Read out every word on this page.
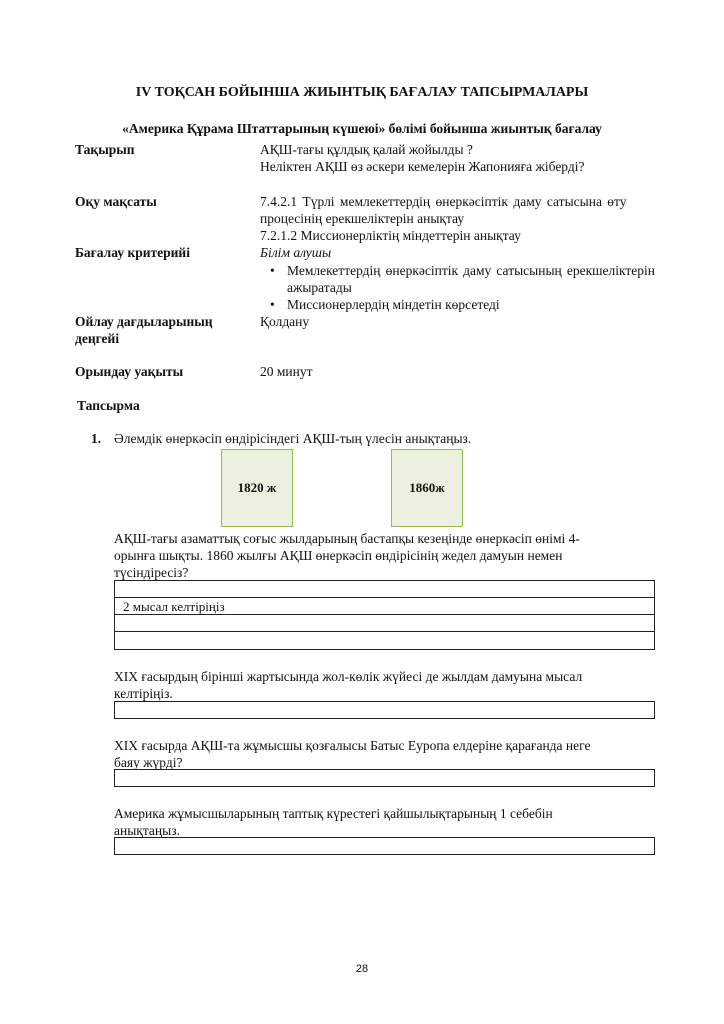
IV ТОҚСАН БОЙЫНША ЖИЫНТЫҚ БАҒАЛАУ ТАПСЫРМАЛАРЫ
«Америка Құрама Штаттарының күшеюі» бөлімі бойынша жиынтық бағалау
Тақырып	АҚШ-тағы құлдық қалай жойылды ?
Неліктен АҚШ өз әскери кемелерін Жапонияға жіберді?
Оқу мақсаты	7.4.2.1 Түрлі мемлекеттердің өнеркәсіптік даму сатысына өту
процесінің ерекшеліктерін анықтау
7.2.1.2 Миссионерліктің міндеттерін анықтау
Бағалау критерийі	Білім алушы
• Мемлекеттердің өнеркәсіптік даму сатысының ерекшеліктерін ажыратады
• Миссионерлердің міндетін көрсетеді
Ойлау дағдыларының
деңгейі
Қолдану
Орындау уақыты	20 минут
Тапсырма
1. Әлемдік өнеркәсіп өндірісіндегі АҚШ-тың үлесін анықтаңыз.
1820 ж	1860ж
АҚШ-тағы азаматтық соғыс жылдарының бастапқы кезеңінде өнеркәсіп өнімі 4-
орынға шықты. 1860 жылғы АҚШ өнеркәсіп өндірісінің жедел дамуын немен
түсіндіресіз?
2 мысал келтіріңіз
XIX ғасырдың бірінші жартысында жол-көлік жүйесі де жылдам дамуына мысал
келтіріңіз.
XIX ғасырда АҚШ-та жұмысшы қозғалысы Батыс Еуропа елдеріне қарағанда неге
баяу жүрді?
Америка жұмысшыларының таптық күрестегі қайшылықтарының 1 себебін
анықтаңыз.
28
